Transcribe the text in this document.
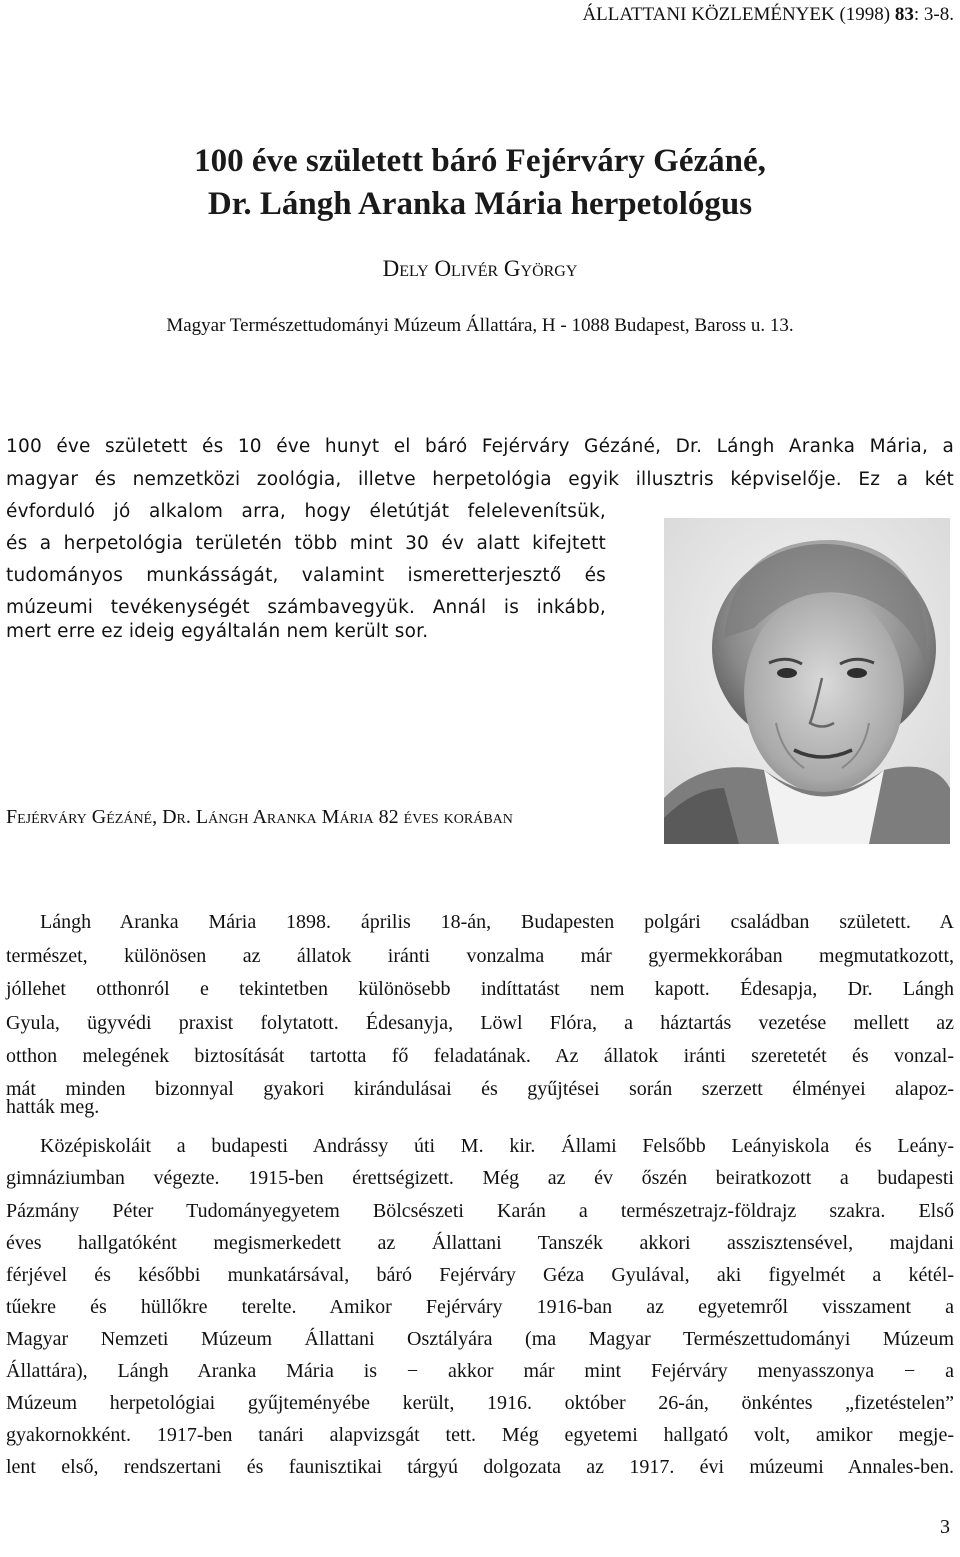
ÁLLATTANI KÖZLEMÉNYEK (1998) 83: 3-8.
100 éve született báró Fejérváry Gézáné,
Dr. Lángh Aranka Mária herpetológus
Dely Olivér György
Magyar Természettudományi Múzeum Állattára, H - 1088 Budapest, Baross u. 13.
100 éve született és 10 éve hunyt el báró Fejérváry Gézáné, Dr. Lángh Aranka Mária, a
magyar és nemzetközi zoológia, illetve herpetológia egyik illusztris képviselője. Ez a két
évforduló jó alkalom arra, hogy életútját felelevenítsük,
és a herpetológia területén több mint 30 év alatt kifejtett
tudományos munkásságát, valamint ismeretterjesztő és
múzeumi tevékenységét számbavegyük. Annál is inkább,
mert erre ez ideig egyáltalán nem került sor.
Fejérváry Gézáné, Dr. Lángh Aranka Mária 82 éves korában
Lángh Aranka Mária 1898. április 18-án, Budapesten polgári családban született. A
természet, különösen az állatok iránti vonzalma már gyermekkorában megmutatkozott,
jóllehet otthonról e tekintetben különösebb indíttatást nem kapott. Édesapja, Dr. Lángh
Gyula, ügyvédi praxist folytatott. Édesanyja, Löwl Flóra, a háztartás vezetése mellett az
otthon melegének biztosítását tartotta fő feladatának. Az állatok iránti szeretetét és vonzal-
mát minden bizonnyal gyakori kirándulásai és gyűjtései során szerzett élményei alapoz-
hatták meg.
Középiskoláit a budapesti Andrássy úti M. kir. Állami Felsőbb Leányiskola és Leány-
gimnáziumban végezte. 1915-ben érettségizett. Még az év őszén beiratkozott a budapesti
Pázmány Péter Tudományegyetem Bölcsészeti Karán a természetrajz-földrajz szakra. Első
éves hallgatóként megismerkedett az Állattani Tanszék akkori asszisztensével, majdani
férjével és későbbi munkatársával, báró Fejérváry Géza Gyulával, aki figyelmét a kétél-
tűekre és hüllőkre terelte. Amikor Fejérváry 1916-ban az egyetemről visszament a
Magyar Nemzeti Múzeum Állattani Osztályára (ma Magyar Természettudományi Múzeum
Állattára), Lángh Aranka Mária is − akkor már mint Fejérváry menyasszonya − a
Múzeum herpetológiai gyűjteményébe került, 1916. október 26-án, önkéntes „fizetéstelen”
gyakornokként. 1917-ben tanári alapvizsgát tett. Még egyetemi hallgató volt, amikor megje-
lent első, rendszertani és faunisztikai tárgyú dolgozata az 1917. évi múzeumi Annales-ben.
3
